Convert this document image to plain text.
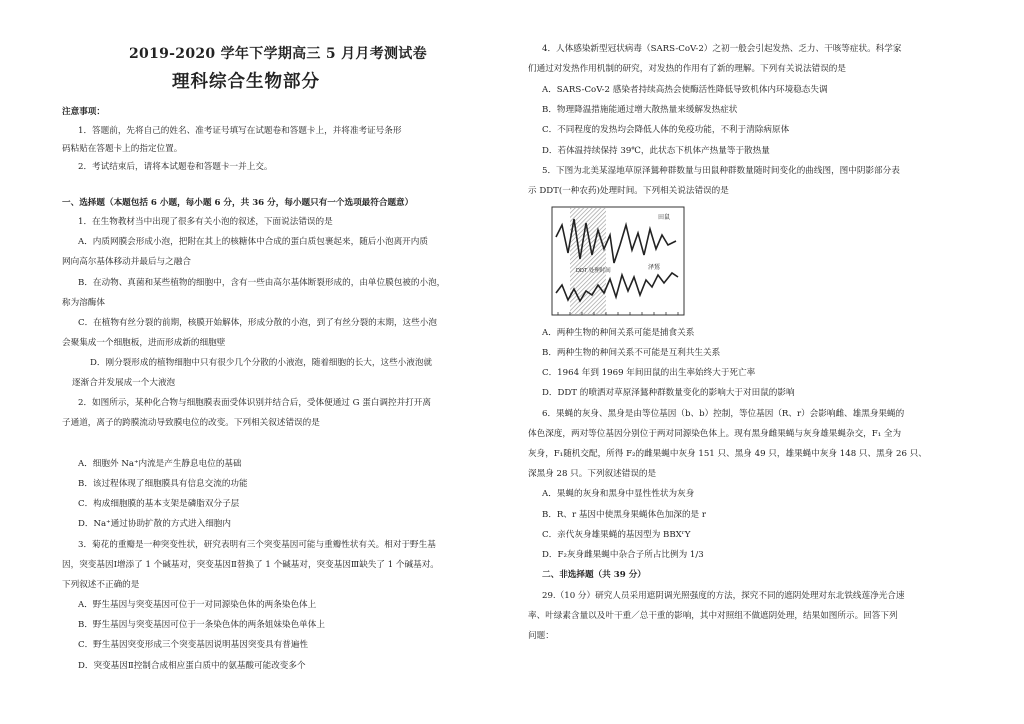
2019-2020 学年下学期高三 5 月月考测试卷
理科综合生物部分
注意事项：
1．答题前，先将自己的姓名、准考证号填写在试题卷和答题卡上，并将准考证号条形
码粘贴在答题卡上的指定位置。
2．考试结束后，请将本试题卷和答题卡一并上交。
一、选择题（本题包括 6 小题，每小题 6 分，共 36 分，每小题只有一个选项最符合题意）
1．在生物教材当中出现了很多有关小泡的叙述，下面说法错误的是
A．内质网膜会形成小泡，把附在其上的核糖体中合成的蛋白质包裹起来，随后小泡离开内质
网向高尔基体移动并最后与之融合
B．在动物、真菌和某些植物的细胞中，含有一些由高尔基体断裂形成的，由单位膜包被的小泡，
称为溶酶体
C．在植物有丝分裂的前期，核膜开始解体，形成分散的小泡，到了有丝分裂的末期，这些小泡
会聚集成一个细胞板，进而形成新的细胞壁
D．刚分裂形成的植物细胞中只有很少几个分散的小液泡，随着细胞的长大，这些小液泡就
逐渐合并发展成一个大液泡
2．如图所示，某种化合物与细胞膜表面受体识别并结合后，受体便通过 G 蛋白调控并打开离
子通道，离子的跨膜流动导致膜电位的改变。下列相关叙述错误的是
A．细胞外 Na⁺内流是产生静息电位的基础
B．该过程体现了细胞膜具有信息交流的功能
C．构成细胞膜的基本支架是磷脂双分子层
D．Na⁺通过协助扩散的方式进入细胞内
3．菊花的重瓣是一种突变性状，研究表明有三个突变基因可能与重瓣性状有关。相对于野生基
因，突变基因Ⅰ增添了 1 个碱基对，突变基因Ⅱ替换了 1 个碱基对，突变基因Ⅲ缺失了 1 个碱基对。
下列叙述不正确的是
A．野生基因与突变基因可位于一对同源染色体的两条染色体上
B．野生基因与突变基因可位于一条染色体的两条姐妹染色单体上
C．野生基因突变形成三个突变基因说明基因突变具有普遍性
D．突变基因Ⅱ控制合成相应蛋白质中的氨基酸可能改变多个
4．人体感染新型冠状病毒（SARS-CoV-2）之初一般会引起发热、乏力、干咳等症状。科学家
们通过对发热作用机制的研究，对发热的作用有了新的理解。下列有关说法错误的是
A．SARS-CoV-2 感染者持续高热会使酶活性降低导致机体内环境稳态失调
B．物理降温措施能通过增大散热量来缓解发热症状
C．不同程度的发热均会降低人体的免疫功能，不利于清除病原体
D．若体温持续保持 39℃，此状态下机体产热量等于散热量
5．下图为北美某湿地草原泽鵟种群数量与田鼠种群数量随时间变化的曲线图，图中阴影部分表
示 DDT(一种农药)处理时间。下列相关说法错误的是
A．两种生物的种间关系可能是捕食关系
B．两种生物的种间关系不可能是互利共生关系
C．1964 年到 1969 年间田鼠的出生率始终大于死亡率
D．DDT 的喷洒对草原泽鵟种群数量变化的影响大于对田鼠的影响
6．果蝇的灰身、黑身是由等位基因（b、b）控制，等位基因（R、r）会影响雌、雄黑身果蝇的
体色深度，两对等位基因分别位于两对同源染色体上。现有黑身雌果蝇与灰身雄果蝇杂交，F₁ 全为
灰身，F₁随机交配，所得 F₂的雌果蝇中灰身 151 只、黑身 49 只，雄果蝇中灰身 148 只、黑身 26 只、
深黑身 28 只。下列叙述错误的是
A．果蝇的灰身和黑身中显性性状为灰身
B．R、r 基因中使黑身果蝇体色加深的是 r
C．亲代灰身雄果蝇的基因型为 BBXʳY
D．F₂灰身雌果蝇中杂合子所占比例为 1/3
二、非选择题（共 39 分）
29.（10 分）研究人员采用遮阴调光照强度的方法，探究不同的遮阴处理对东北铁线莲净光合速
率、叶绿素含量以及叶干重／总干重的影响，其中对照组不做遮阴处理，结果如图所示。回答下列
问题：
DDT 处理时间	泽鵟
田鼠
